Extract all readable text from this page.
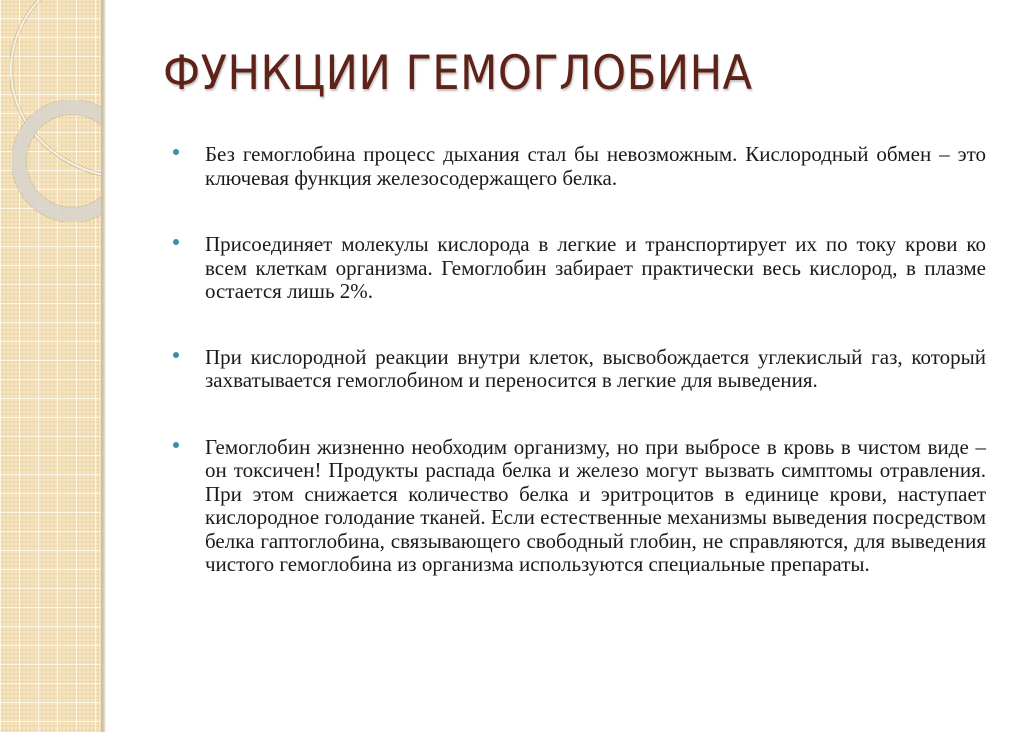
ФУНКЦИИ ГЕМОГЛОБИНА
Без гемоглобина процесс дыхания стал бы невозможным. Кислородный обмен – это ключевая функция железосодержащего белка.
Присоединяет молекулы кислорода в легкие и транспортирует их по току крови ко всем клеткам организма. Гемоглобин забирает практически весь кислород, в плазме остается лишь 2%.
При кислородной реакции внутри клеток, высвобождается углекислый газ, который захватывается гемоглобином и переносится в легкие для выведения.
Гемоглобин жизненно необходим организму, но при выбросе в кровь в чистом виде – он токсичен! Продукты распада белка и железо могут вызвать симптомы отравления. При этом снижается количество белка и эритроцитов в единице крови, наступает кислородное голодание тканей. Если естественные механизмы выведения посредством белка гаптоглобина, связывающего свободный глобин, не справляются, для выведения чистого гемоглобина из организма используются специальные препараты.
